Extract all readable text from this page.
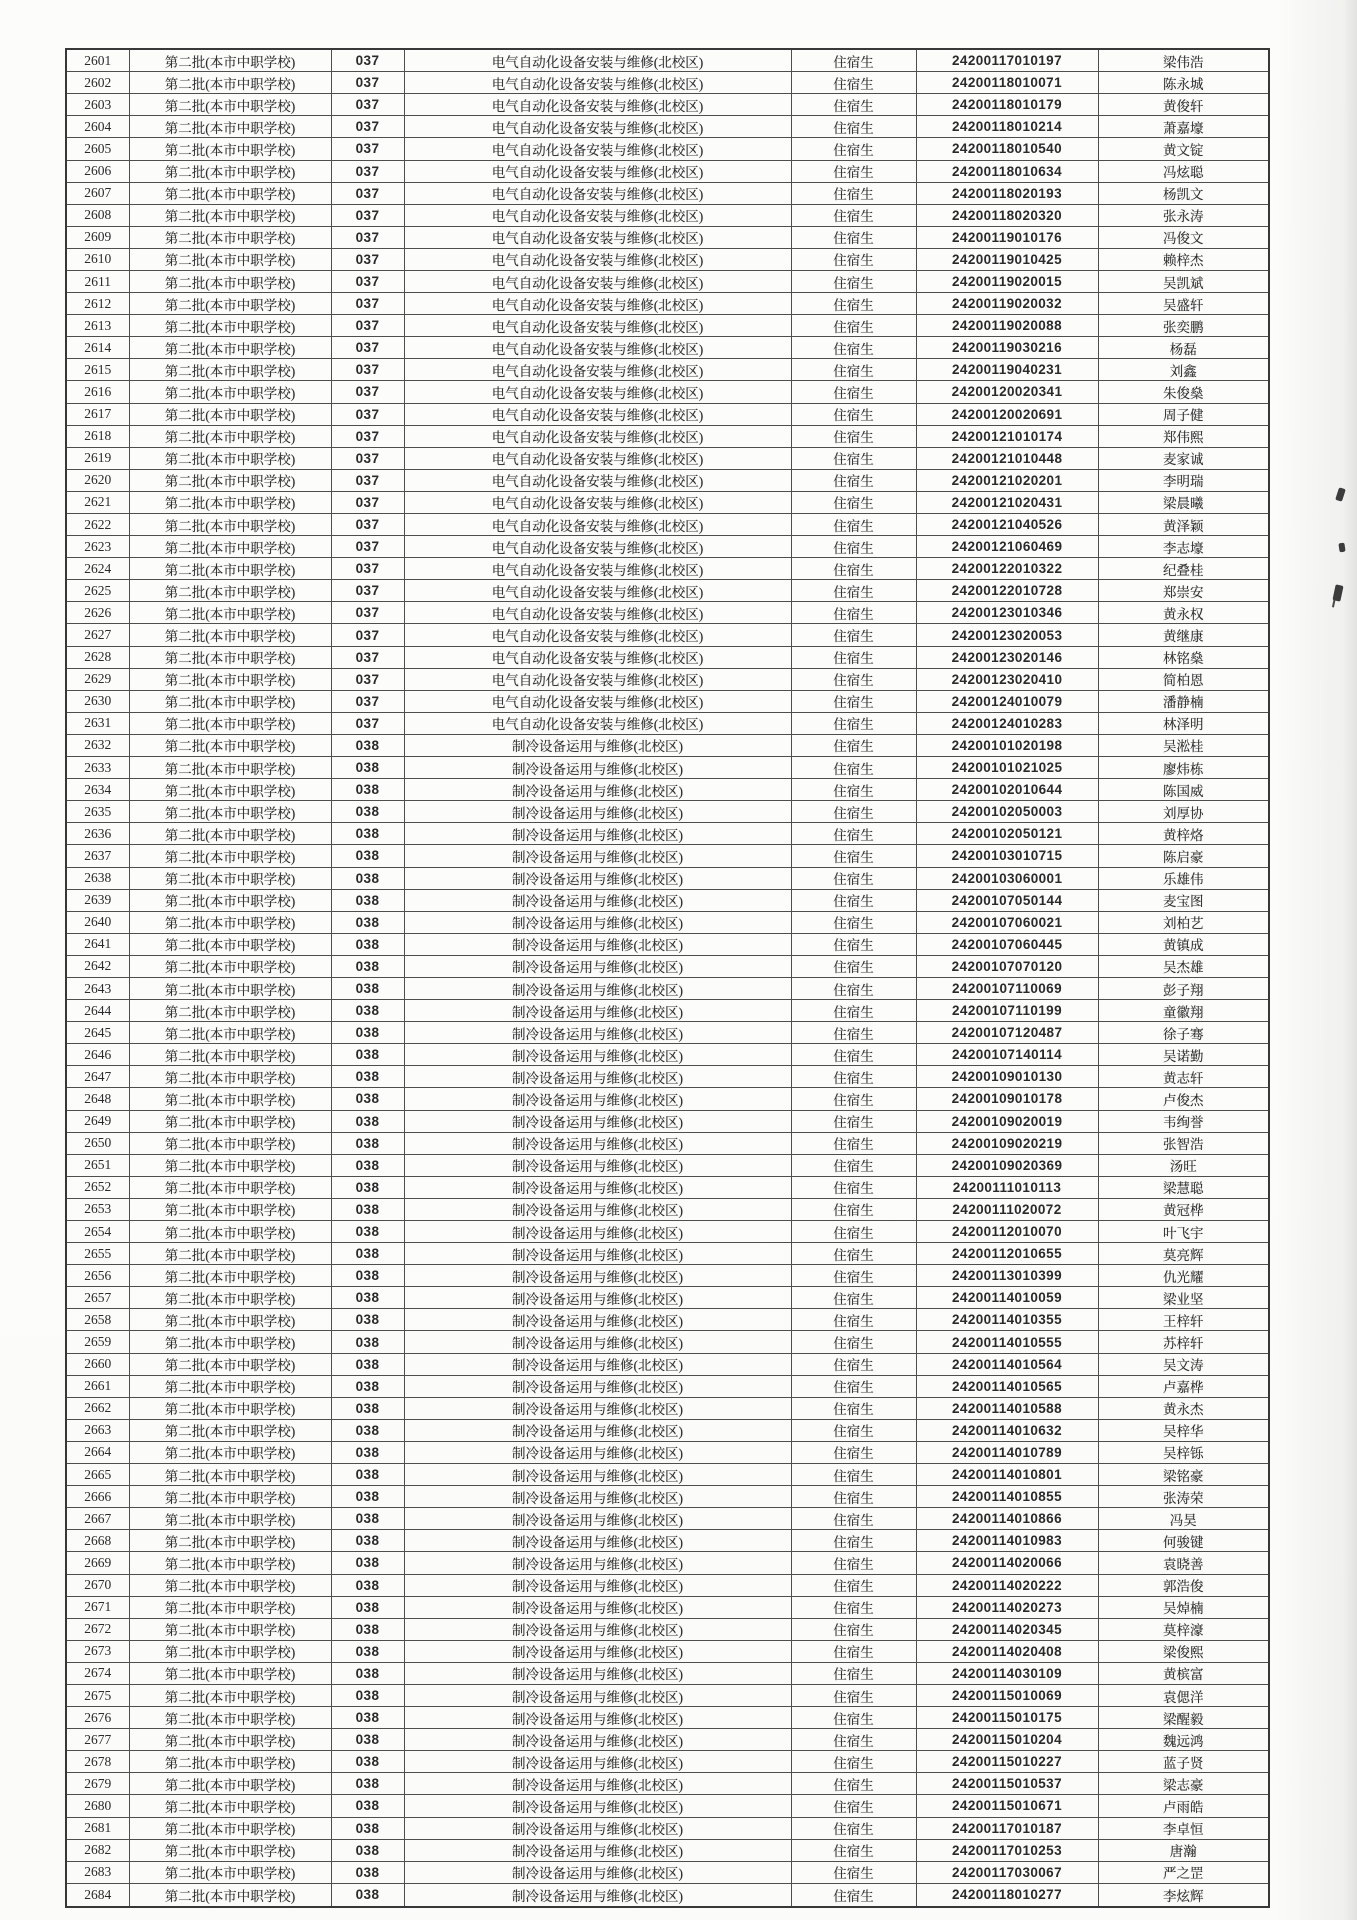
2601	第二批(本市中职学校)	037	电气自动化设备安装与维修(北校区)	住宿生	24200117010197	梁伟浩
2602	第二批(本市中职学校)	037	电气自动化设备安装与维修(北校区)	住宿生	24200118010071	陈永城
2603	第二批(本市中职学校)	037	电气自动化设备安装与维修(北校区)	住宿生	24200118010179	黄俊轩
2604	第二批(本市中职学校)	037	电气自动化设备安装与维修(北校区)	住宿生	24200118010214	萧嘉壕
2605	第二批(本市中职学校)	037	电气自动化设备安装与维修(北校区)	住宿生	24200118010540	黄文锭
2606	第二批(本市中职学校)	037	电气自动化设备安装与维修(北校区)	住宿生	24200118010634	冯炫聪
2607	第二批(本市中职学校)	037	电气自动化设备安装与维修(北校区)	住宿生	24200118020193	杨凯文
2608	第二批(本市中职学校)	037	电气自动化设备安装与维修(北校区)	住宿生	24200118020320	张永涛
2609	第二批(本市中职学校)	037	电气自动化设备安装与维修(北校区)	住宿生	24200119010176	冯俊文
2610	第二批(本市中职学校)	037	电气自动化设备安装与维修(北校区)	住宿生	24200119010425	赖梓杰
2611	第二批(本市中职学校)	037	电气自动化设备安装与维修(北校区)	住宿生	24200119020015	吴凯斌
2612	第二批(本市中职学校)	037	电气自动化设备安装与维修(北校区)	住宿生	24200119020032	吴盛轩
2613	第二批(本市中职学校)	037	电气自动化设备安装与维修(北校区)	住宿生	24200119020088	张奕鹏
2614	第二批(本市中职学校)	037	电气自动化设备安装与维修(北校区)	住宿生	24200119030216	杨磊
2615	第二批(本市中职学校)	037	电气自动化设备安装与维修(北校区)	住宿生	24200119040231	刘鑫
2616	第二批(本市中职学校)	037	电气自动化设备安装与维修(北校区)	住宿生	24200120020341	朱俊燊
2617	第二批(本市中职学校)	037	电气自动化设备安装与维修(北校区)	住宿生	24200120020691	周子健
2618	第二批(本市中职学校)	037	电气自动化设备安装与维修(北校区)	住宿生	24200121010174	郑伟熙
2619	第二批(本市中职学校)	037	电气自动化设备安装与维修(北校区)	住宿生	24200121010448	麦家诚
2620	第二批(本市中职学校)	037	电气自动化设备安装与维修(北校区)	住宿生	24200121020201	李明瑞
2621	第二批(本市中职学校)	037	电气自动化设备安装与维修(北校区)	住宿生	24200121020431	梁晨曦
2622	第二批(本市中职学校)	037	电气自动化设备安装与维修(北校区)	住宿生	24200121040526	黄泽颖
2623	第二批(本市中职学校)	037	电气自动化设备安装与维修(北校区)	住宿生	24200121060469	李志壕
2624	第二批(本市中职学校)	037	电气自动化设备安装与维修(北校区)	住宿生	24200122010322	纪叠桂
2625	第二批(本市中职学校)	037	电气自动化设备安装与维修(北校区)	住宿生	24200122010728	郑崇安
2626	第二批(本市中职学校)	037	电气自动化设备安装与维修(北校区)	住宿生	24200123010346	黄永权
2627	第二批(本市中职学校)	037	电气自动化设备安装与维修(北校区)	住宿生	24200123020053	黄继康
2628	第二批(本市中职学校)	037	电气自动化设备安装与维修(北校区)	住宿生	24200123020146	林铭燊
2629	第二批(本市中职学校)	037	电气自动化设备安装与维修(北校区)	住宿生	24200123020410	简柏恩
2630	第二批(本市中职学校)	037	电气自动化设备安装与维修(北校区)	住宿生	24200124010079	潘静楠
2631	第二批(本市中职学校)	037	电气自动化设备安装与维修(北校区)	住宿生	24200124010283	林泽明
2632	第二批(本市中职学校)	038	制冷设备运用与维修(北校区)	住宿生	24200101020198	吴淞桂
2633	第二批(本市中职学校)	038	制冷设备运用与维修(北校区)	住宿生	24200101021025	廖炜栋
2634	第二批(本市中职学校)	038	制冷设备运用与维修(北校区)	住宿生	24200102010644	陈国威
2635	第二批(本市中职学校)	038	制冷设备运用与维修(北校区)	住宿生	24200102050003	刘厚协
2636	第二批(本市中职学校)	038	制冷设备运用与维修(北校区)	住宿生	24200102050121	黄梓烙
2637	第二批(本市中职学校)	038	制冷设备运用与维修(北校区)	住宿生	24200103010715	陈启豪
2638	第二批(本市中职学校)	038	制冷设备运用与维修(北校区)	住宿生	24200103060001	乐雄伟
2639	第二批(本市中职学校)	038	制冷设备运用与维修(北校区)	住宿生	24200107050144	麦宝图
2640	第二批(本市中职学校)	038	制冷设备运用与维修(北校区)	住宿生	24200107060021	刘柏艺
2641	第二批(本市中职学校)	038	制冷设备运用与维修(北校区)	住宿生	24200107060445	黄镇成
2642	第二批(本市中职学校)	038	制冷设备运用与维修(北校区)	住宿生	24200107070120	吴杰雄
2643	第二批(本市中职学校)	038	制冷设备运用与维修(北校区)	住宿生	24200107110069	彭子翔
2644	第二批(本市中职学校)	038	制冷设备运用与维修(北校区)	住宿生	24200107110199	童徽翔
2645	第二批(本市中职学校)	038	制冷设备运用与维修(北校区)	住宿生	24200107120487	徐子骞
2646	第二批(本市中职学校)	038	制冷设备运用与维修(北校区)	住宿生	24200107140114	吴诺勤
2647	第二批(本市中职学校)	038	制冷设备运用与维修(北校区)	住宿生	24200109010130	黄志轩
2648	第二批(本市中职学校)	038	制冷设备运用与维修(北校区)	住宿生	24200109010178	卢俊杰
2649	第二批(本市中职学校)	038	制冷设备运用与维修(北校区)	住宿生	24200109020019	韦绚誉
2650	第二批(本市中职学校)	038	制冷设备运用与维修(北校区)	住宿生	24200109020219	张智浩
2651	第二批(本市中职学校)	038	制冷设备运用与维修(北校区)	住宿生	24200109020369	汤旺
2652	第二批(本市中职学校)	038	制冷设备运用与维修(北校区)	住宿生	24200111010113	梁慧聪
2653	第二批(本市中职学校)	038	制冷设备运用与维修(北校区)	住宿生	24200111020072	黄冠桦
2654	第二批(本市中职学校)	038	制冷设备运用与维修(北校区)	住宿生	24200112010070	叶飞宇
2655	第二批(本市中职学校)	038	制冷设备运用与维修(北校区)	住宿生	24200112010655	莫亮辉
2656	第二批(本市中职学校)	038	制冷设备运用与维修(北校区)	住宿生	24200113010399	仇光耀
2657	第二批(本市中职学校)	038	制冷设备运用与维修(北校区)	住宿生	24200114010059	梁业坚
2658	第二批(本市中职学校)	038	制冷设备运用与维修(北校区)	住宿生	24200114010355	王梓轩
2659	第二批(本市中职学校)	038	制冷设备运用与维修(北校区)	住宿生	24200114010555	苏梓轩
2660	第二批(本市中职学校)	038	制冷设备运用与维修(北校区)	住宿生	24200114010564	吴文涛
2661	第二批(本市中职学校)	038	制冷设备运用与维修(北校区)	住宿生	24200114010565	卢嘉桦
2662	第二批(本市中职学校)	038	制冷设备运用与维修(北校区)	住宿生	24200114010588	黄永杰
2663	第二批(本市中职学校)	038	制冷设备运用与维修(北校区)	住宿生	24200114010632	吴梓华
2664	第二批(本市中职学校)	038	制冷设备运用与维修(北校区)	住宿生	24200114010789	吴梓铄
2665	第二批(本市中职学校)	038	制冷设备运用与维修(北校区)	住宿生	24200114010801	梁铭豪
2666	第二批(本市中职学校)	038	制冷设备运用与维修(北校区)	住宿生	24200114010855	张涛荣
2667	第二批(本市中职学校)	038	制冷设备运用与维修(北校区)	住宿生	24200114010866	冯昊
2668	第二批(本市中职学校)	038	制冷设备运用与维修(北校区)	住宿生	24200114010983	何骏键
2669	第二批(本市中职学校)	038	制冷设备运用与维修(北校区)	住宿生	24200114020066	袁晓善
2670	第二批(本市中职学校)	038	制冷设备运用与维修(北校区)	住宿生	24200114020222	郭浩俊
2671	第二批(本市中职学校)	038	制冷设备运用与维修(北校区)	住宿生	24200114020273	吴焯楠
2672	第二批(本市中职学校)	038	制冷设备运用与维修(北校区)	住宿生	24200114020345	莫梓濠
2673	第二批(本市中职学校)	038	制冷设备运用与维修(北校区)	住宿生	24200114020408	梁俊熙
2674	第二批(本市中职学校)	038	制冷设备运用与维修(北校区)	住宿生	24200114030109	黄槟富
2675	第二批(本市中职学校)	038	制冷设备运用与维修(北校区)	住宿生	24200115010069	袁偲洋
2676	第二批(本市中职学校)	038	制冷设备运用与维修(北校区)	住宿生	24200115010175	梁醒毅
2677	第二批(本市中职学校)	038	制冷设备运用与维修(北校区)	住宿生	24200115010204	魏远鸿
2678	第二批(本市中职学校)	038	制冷设备运用与维修(北校区)	住宿生	24200115010227	蓝子贤
2679	第二批(本市中职学校)	038	制冷设备运用与维修(北校区)	住宿生	24200115010537	梁志豪
2680	第二批(本市中职学校)	038	制冷设备运用与维修(北校区)	住宿生	24200115010671	卢雨皓
2681	第二批(本市中职学校)	038	制冷设备运用与维修(北校区)	住宿生	24200117010187	李卓恒
2682	第二批(本市中职学校)	038	制冷设备运用与维修(北校区)	住宿生	24200117010253	唐瀚
2683	第二批(本市中职学校)	038	制冷设备运用与维修(北校区)	住宿生	24200117030067	严之罡
2684	第二批(本市中职学校)	038	制冷设备运用与维修(北校区)	住宿生	24200118010277	李炫辉
